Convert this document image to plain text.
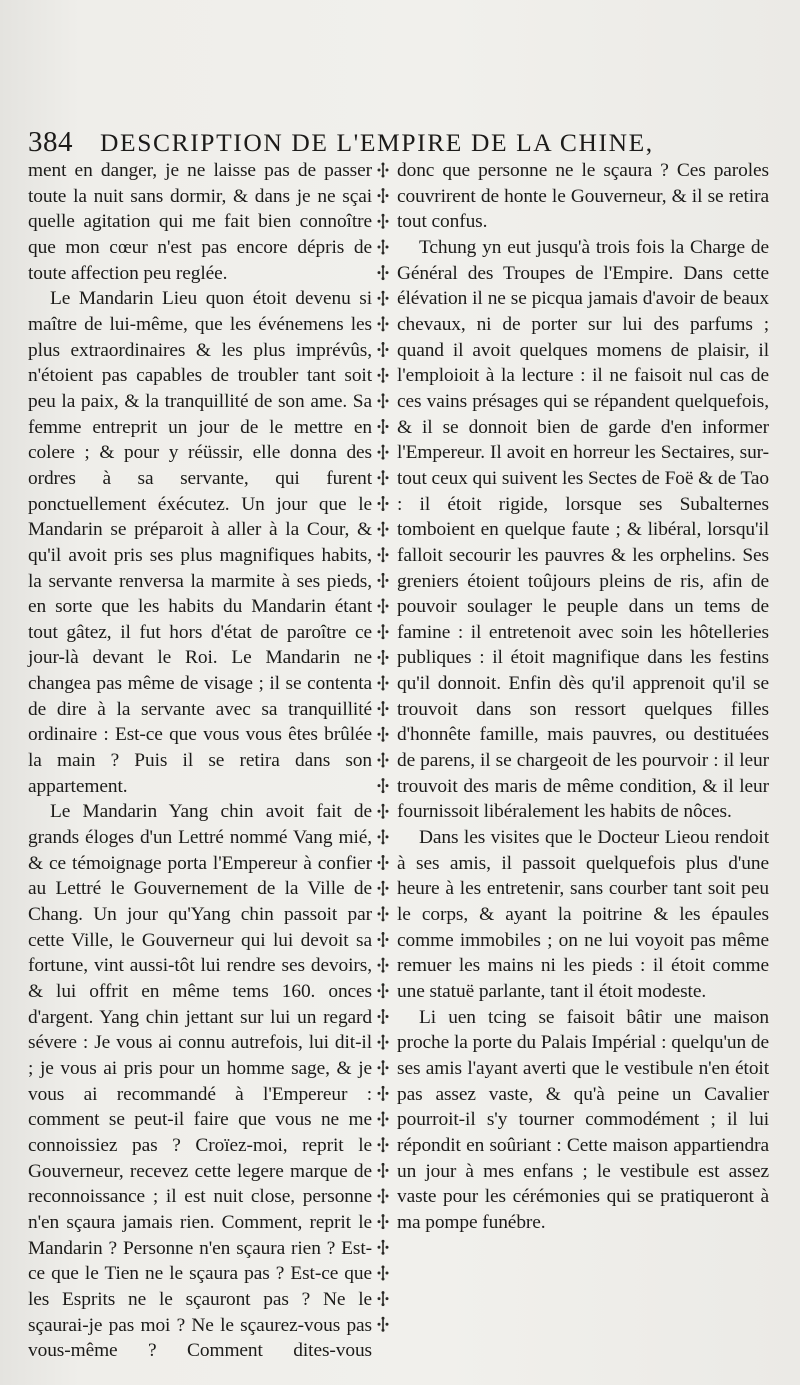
384 DESCRIPTION DE L'EMPIRE DE LA CHINE,

ment en danger, je ne laisse pas de passer toute la nuit sans dormir, & dans je ne sçai quelle agitation qui me fait bien connoître que mon cœur n'est pas encore dépris de toute affection peu reglée.

Le Mandarin Lieu quon étoit devenu si maître de lui-même, que les événemens les plus extraordinaires & les plus imprévûs, n'étoient pas capables de troubler tant soit peu la paix, & la tranquillité de son ame. Sa femme entreprit un jour de le mettre en colere ; & pour y réüssir, elle donna des ordres à sa servante, qui furent ponctuellement éxécutez. Un jour que le Mandarin se préparoit à aller à la Cour, & qu'il avoit pris ses plus magnifiques habits, la servante renversa la marmite à ses pieds, en sorte que les habits du Mandarin étant tout gâtez, il fut hors d'état de paroître ce jour-là devant le Roi. Le Mandarin ne changea pas même de visage ; il se contenta de dire à la servante avec sa tranquillité ordinaire : Est-ce que vous vous êtes brûlée la main ? Puis il se retira dans son appartement.

Le Mandarin Yang chin avoit fait de grands éloges d'un Lettré nommé Vang mié, & ce témoignage porta l'Empereur à confier au Lettré le Gouvernement de la Ville de Chang. Un jour qu'Yang chin passoit par cette Ville, le Gouverneur qui lui devoit sa fortune, vint aussi-tôt lui rendre ses devoirs, & lui offrit en même tems 160. onces d'argent. Yang chin jettant sur lui un regard sévere : Je vous ai connu autrefois, lui dit-il ; je vous ai pris pour un homme sage, & je vous ai recommandé à l'Empereur : comment se peut-il faire que vous ne me connoissiez pas ? Croïez-moi, reprit le Gouverneur, recevez cette legere marque de reconnoissance ; il est nuit close, personne n'en sçaura jamais rien. Comment, reprit le Mandarin ? Personne n'en sçaura rien ? Est-ce que le Tien ne le sçaura pas ? Est-ce que les Esprits ne le sçauront pas ? Ne le sçaurai-je pas moi ? Ne le sçaurez-vous pas vous-même ? Comment dites-vous

donc que personne ne le sçaura ? Ces paroles couvrirent de honte le Gouverneur, & il se retira tout confus.

Tchung yn eut jusqu'à trois fois la Charge de Général des Troupes de l'Empire. Dans cette élévation il ne se picqua jamais d'avoir de beaux chevaux, ni de porter sur lui des parfums ; quand il avoit quelques momens de plaisir, il l'emploioit à la lecture : il ne faisoit nul cas de ces vains présages qui se répandent quelquefois, & il se donnoit bien de garde d'en informer l'Empereur. Il avoit en horreur les Sectaires, sur-tout ceux qui suivent les Sectes de Foë & de Tao : il étoit rigide, lorsque ses Subalternes tomboient en quelque faute ; & libéral, lorsqu'il falloit secourir les pauvres & les orphelins. Ses greniers étoient toûjours pleins de ris, afin de pouvoir soulager le peuple dans un tems de famine : il entretenoit avec soin les hôtelleries publiques : il étoit magnifique dans les festins qu'il donnoit. Enfin dès qu'il apprenoit qu'il se trouvoit dans son ressort quelques filles d'honnête famille, mais pauvres, ou destituées de parens, il se chargeoit de les pourvoir : il leur trouvoit des maris de même condition, & il leur fournissoit libéralement les habits de nôces.

Dans les visites que le Docteur Lieou rendoit à ses amis, il passoit quelquefois plus d'une heure à les entretenir, sans courber tant soit peu le corps, & ayant la poitrine & les épaules comme immobiles ; on ne lui voyoit pas même remuer les mains ni les pieds : il étoit comme une statuë parlante, tant il étoit modeste.

Li uen tcing se faisoit bâtir une maison proche la porte du Palais Impérial : quelqu'un de ses amis l'ayant averti que le vestibule n'en étoit pas assez vaste, & qu'à peine un Cavalier pourroit-il s'y tourner commodément ; il lui répondit en soûriant : Cette maison appartiendra un jour à mes enfans ; le vestibule est assez vaste pour les cérémonies qui se pratiqueront à ma pompe funébre.
